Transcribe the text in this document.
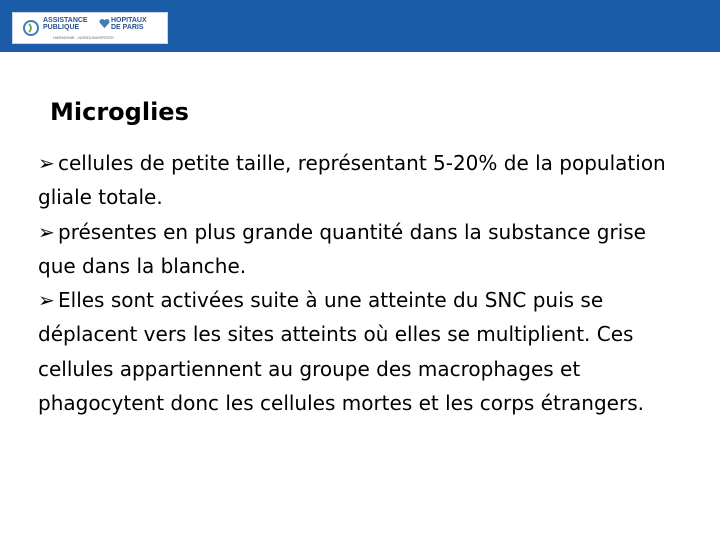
ASSISTANCE
PUBLIQUE
HOPITAUX
DE PARIS
HARMONIE - NORDUNIVERSITE
Microglies
➢ cellules de petite taille, représentant 5-20% de la population gliale totale.
➢ présentes en plus grande quantité dans la substance grise que dans la blanche.
➢ Elles sont activées suite à une atteinte du SNC puis se déplacent vers les sites atteints où elles se multiplient. Ces cellules appartiennent au groupe des macrophages et phagocytent donc les cellules mortes et les corps étrangers.
